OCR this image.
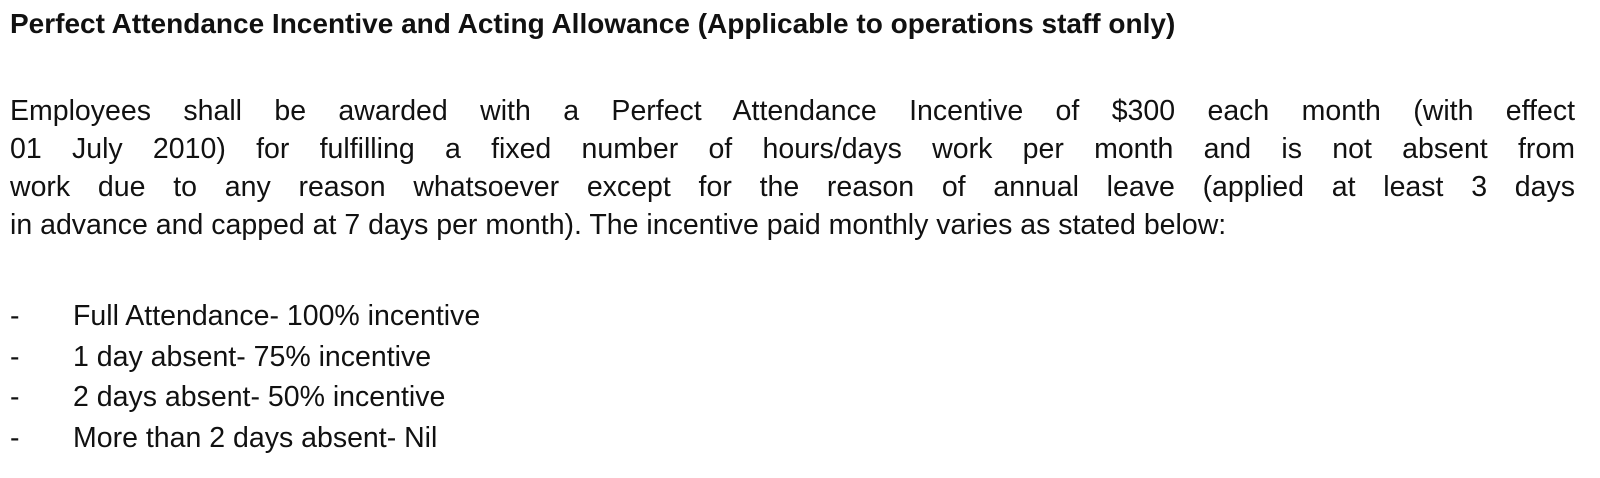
Perfect Attendance Incentive and Acting Allowance (Applicable to operations staff only)
Employees shall be awarded with a Perfect Attendance Incentive of $300 each month (with effect
01 July 2010) for fulfilling a fixed number of hours/days work per month and is not absent from
work due to any reason whatsoever except for the reason of annual leave (applied at least 3 days
in advance and capped at 7 days per month). The incentive paid monthly varies as stated below:
-	Full Attendance- 100% incentive
-	1 day absent- 75% incentive
-	2 days absent- 50% incentive
-	More than 2 days absent- Nil
